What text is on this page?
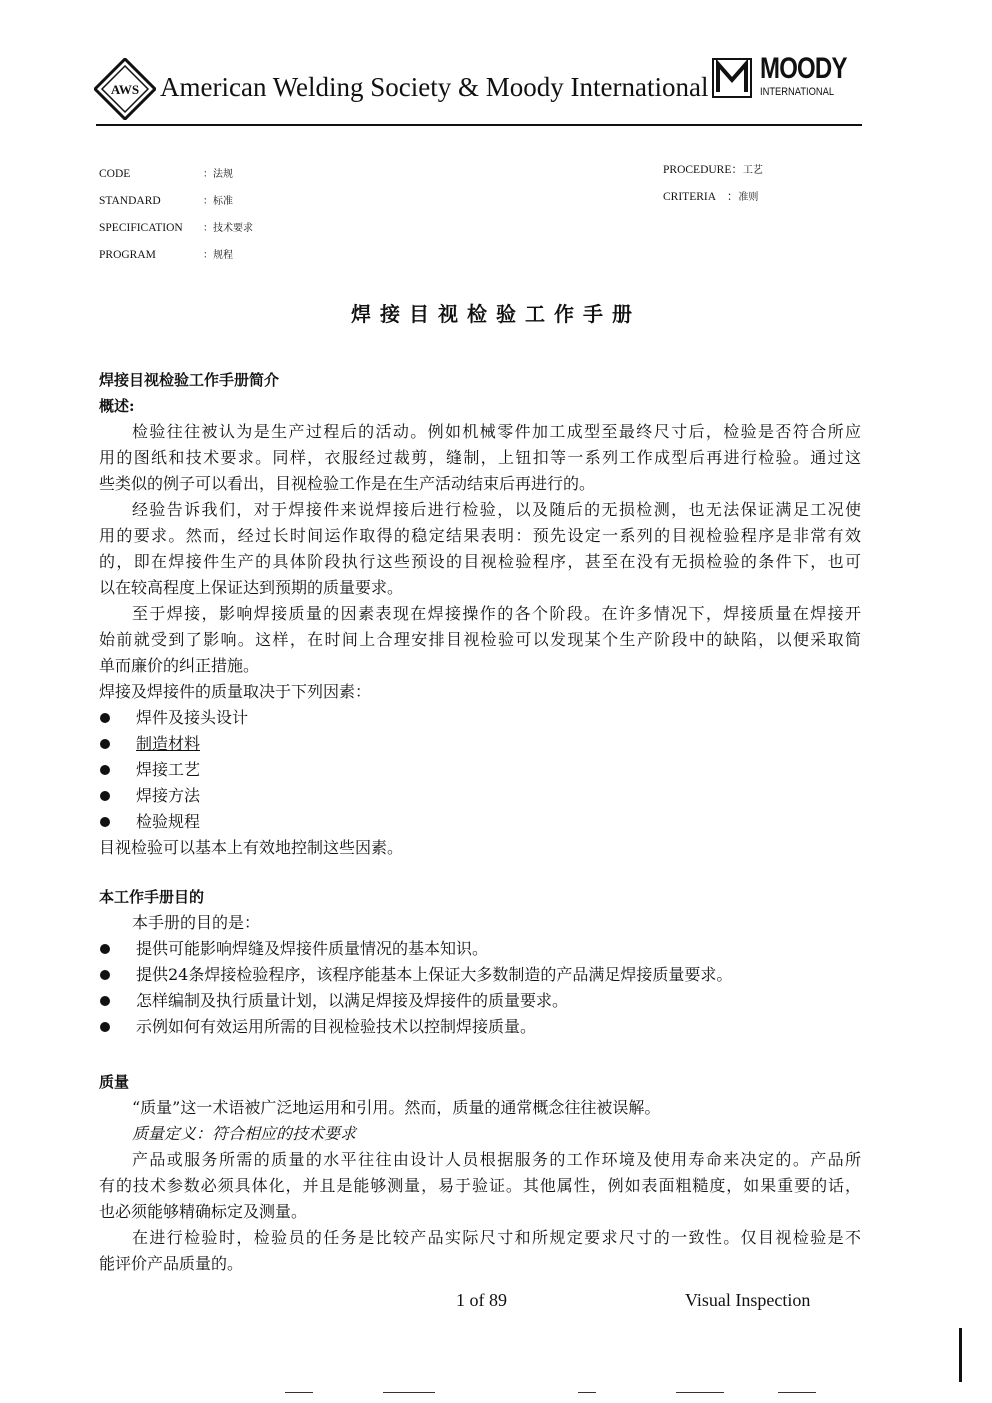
AWS American Welding Society & Moody International
MOODY
INTERNATIONAL
CODE	：法规
STANDARD	：标准
SPECIFICATION ：技术要求
PROGRAM	：规程
PROCEDURE：工艺
CRITERIA　：准则
焊接目视检验工作手册
焊接目视检验工作手册简介
概述:
检验往往被认为是生产过程后的活动。例如机械零件加工成型至最终尺寸后，检验是否符合所应
用的图纸和技术要求。同样，衣服经过裁剪，缝制，上钮扣等一系列工作成型后再进行检验。通过这
些类似的例子可以看出，目视检验工作是在生产活动结束后再进行的。
经验告诉我们，对于焊接件来说焊接后进行检验，以及随后的无损检测，也无法保证满足工况使
用的要求。然而，经过长时间运作取得的稳定结果表明：预先设定一系列的目视检验程序是非常有效
的，即在焊接件生产的具体阶段执行这些预设的目视检验程序，甚至在没有无损检验的条件下，也可
以在较高程度上保证达到预期的质量要求。
至于焊接，影响焊接质量的因素表现在焊接操作的各个阶段。在许多情况下，焊接质量在焊接开
始前就受到了影响。这样，在时间上合理安排目视检验可以发现某个生产阶段中的缺陷，以便采取简
单而廉价的纠正措施。
焊接及焊接件的质量取决于下列因素：
焊件及接头设计
制造材料
焊接工艺
焊接方法
检验规程
目视检验可以基本上有效地控制这些因素。
本工作手册目的
本手册的目的是：
提供可能影响焊缝及焊接件质量情况的基本知识。
提供24条焊接检验程序，该程序能基本上保证大多数制造的产品满足焊接质量要求。
怎样编制及执行质量计划，以满足焊接及焊接件的质量要求。
示例如何有效运用所需的目视检验技术以控制焊接质量。
质量
“质量”这一术语被广泛地运用和引用。然而，质量的通常概念往往被误解。
质量定义：符合相应的技术要求
产品或服务所需的质量的水平往往由设计人员根据服务的工作环境及使用寿命来决定的。产品所
有的技术参数必须具体化，并且是能够测量，易于验证。其他属性，例如表面粗糙度，如果重要的话，
也必须能够精确标定及测量。
在进行检验时，检验员的任务是比较产品实际尺寸和所规定要求尺寸的一致性。仅目视检验是不
能评价产品质量的。
1 of 89	Visual Inspection
